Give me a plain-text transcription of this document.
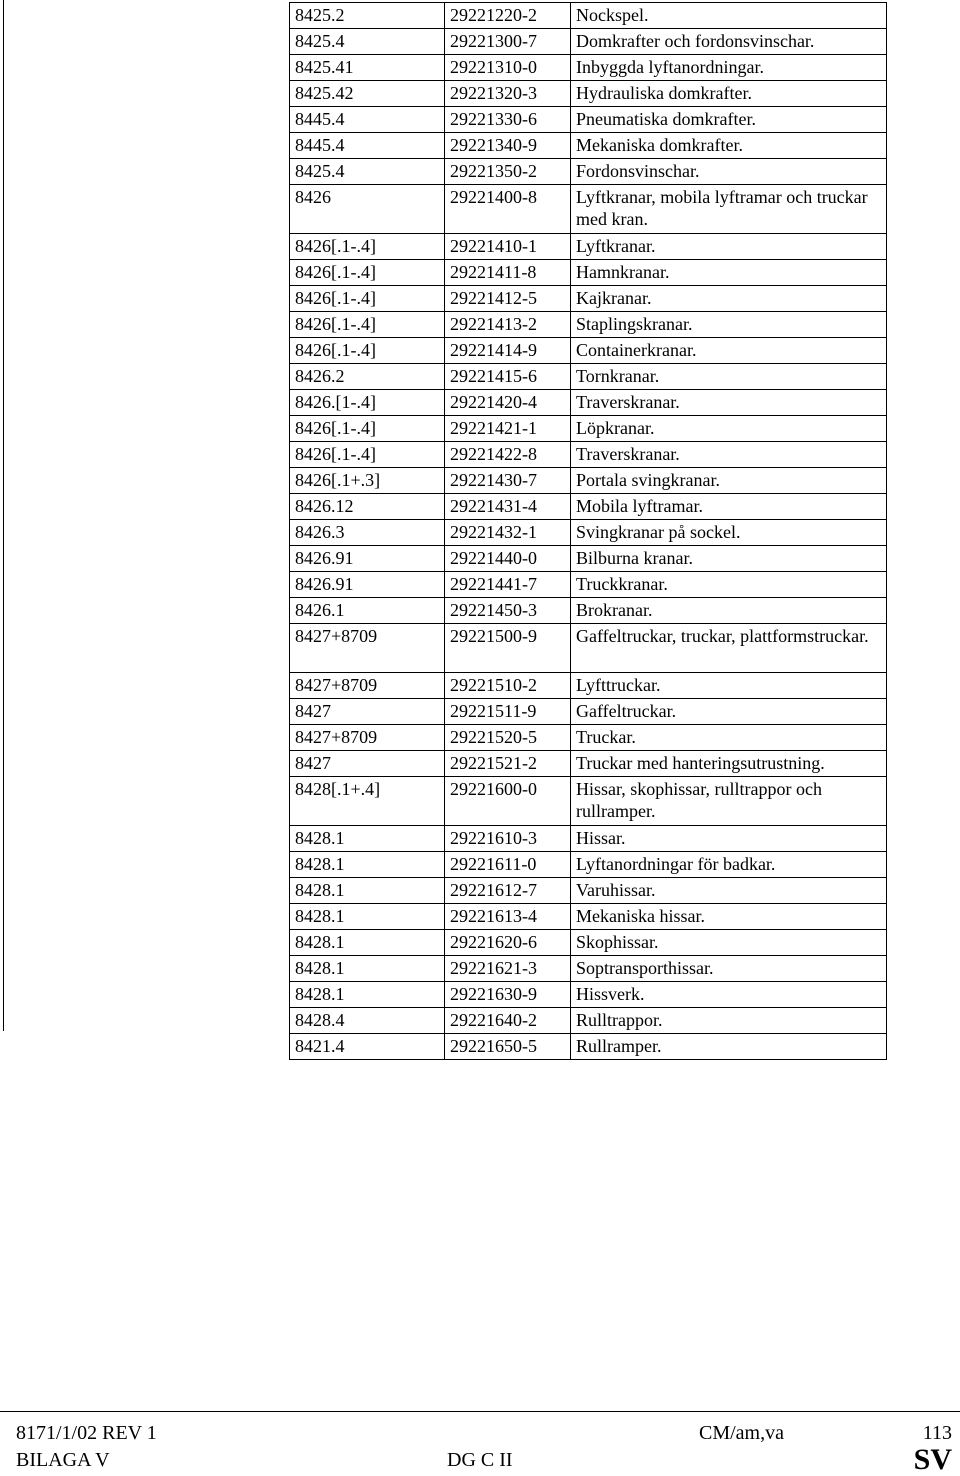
8425.2	29221220-2	Nockspel.
8425.4	29221300-7	Domkrafter och fordonsvinschar.
8425.41	29221310-0	Inbyggda lyftanordningar.
8425.42	29221320-3	Hydrauliska domkrafter.
8445.4	29221330-6	Pneumatiska domkrafter.
8445.4	29221340-9	Mekaniska domkrafter.
8425.4	29221350-2	Fordonsvinschar.
8426	29221400-8	Lyftkranar, mobila lyftramar och truckar med kran.
8426[.1-.4]	29221410-1	Lyftkranar.
8426[.1-.4]	29221411-8	Hamnkranar.
8426[.1-.4]	29221412-5	Kajkranar.
8426[.1-.4]	29221413-2	Staplingskranar.
8426[.1-.4]	29221414-9	Containerkranar.
8426.2	29221415-6	Tornkranar.
8426.[1-.4]	29221420-4	Traverskranar.
8426[.1-.4]	29221421-1	Löpkranar.
8426[.1-.4]	29221422-8	Traverskranar.
8426[.1+.3]	29221430-7	Portala svingkranar.
8426.12	29221431-4	Mobila lyftramar.
8426.3	29221432-1	Svingkranar på sockel.
8426.91	29221440-0	Bilburna kranar.
8426.91	29221441-7	Truckkranar.
8426.1	29221450-3	Brokranar.
8427+8709	29221500-9	Gaffeltruckar, truckar, plattformstruckar.
8427+8709	29221510-2	Lyfttruckar.
8427	29221511-9	Gaffeltruckar.
8427+8709	29221520-5	Truckar.
8427	29221521-2	Truckar med hanteringsutrustning.
8428[.1+.4]	29221600-0	Hissar, skophissar, rulltrappor och rullramper.
8428.1	29221610-3	Hissar.
8428.1	29221611-0	Lyftanordningar för badkar.
8428.1	29221612-7	Varuhissar.
8428.1	29221613-4	Mekaniska hissar.
8428.1	29221620-6	Skophissar.
8428.1	29221621-3	Soptransporthissar.
8428.1	29221630-9	Hissverk.
8428.4	29221640-2	Rulltrappor.
8421.4	29221650-5	Rullramper.
8171/1/02 REV 1
BILAGA V	DG C II
CM/am,va	113
SV
